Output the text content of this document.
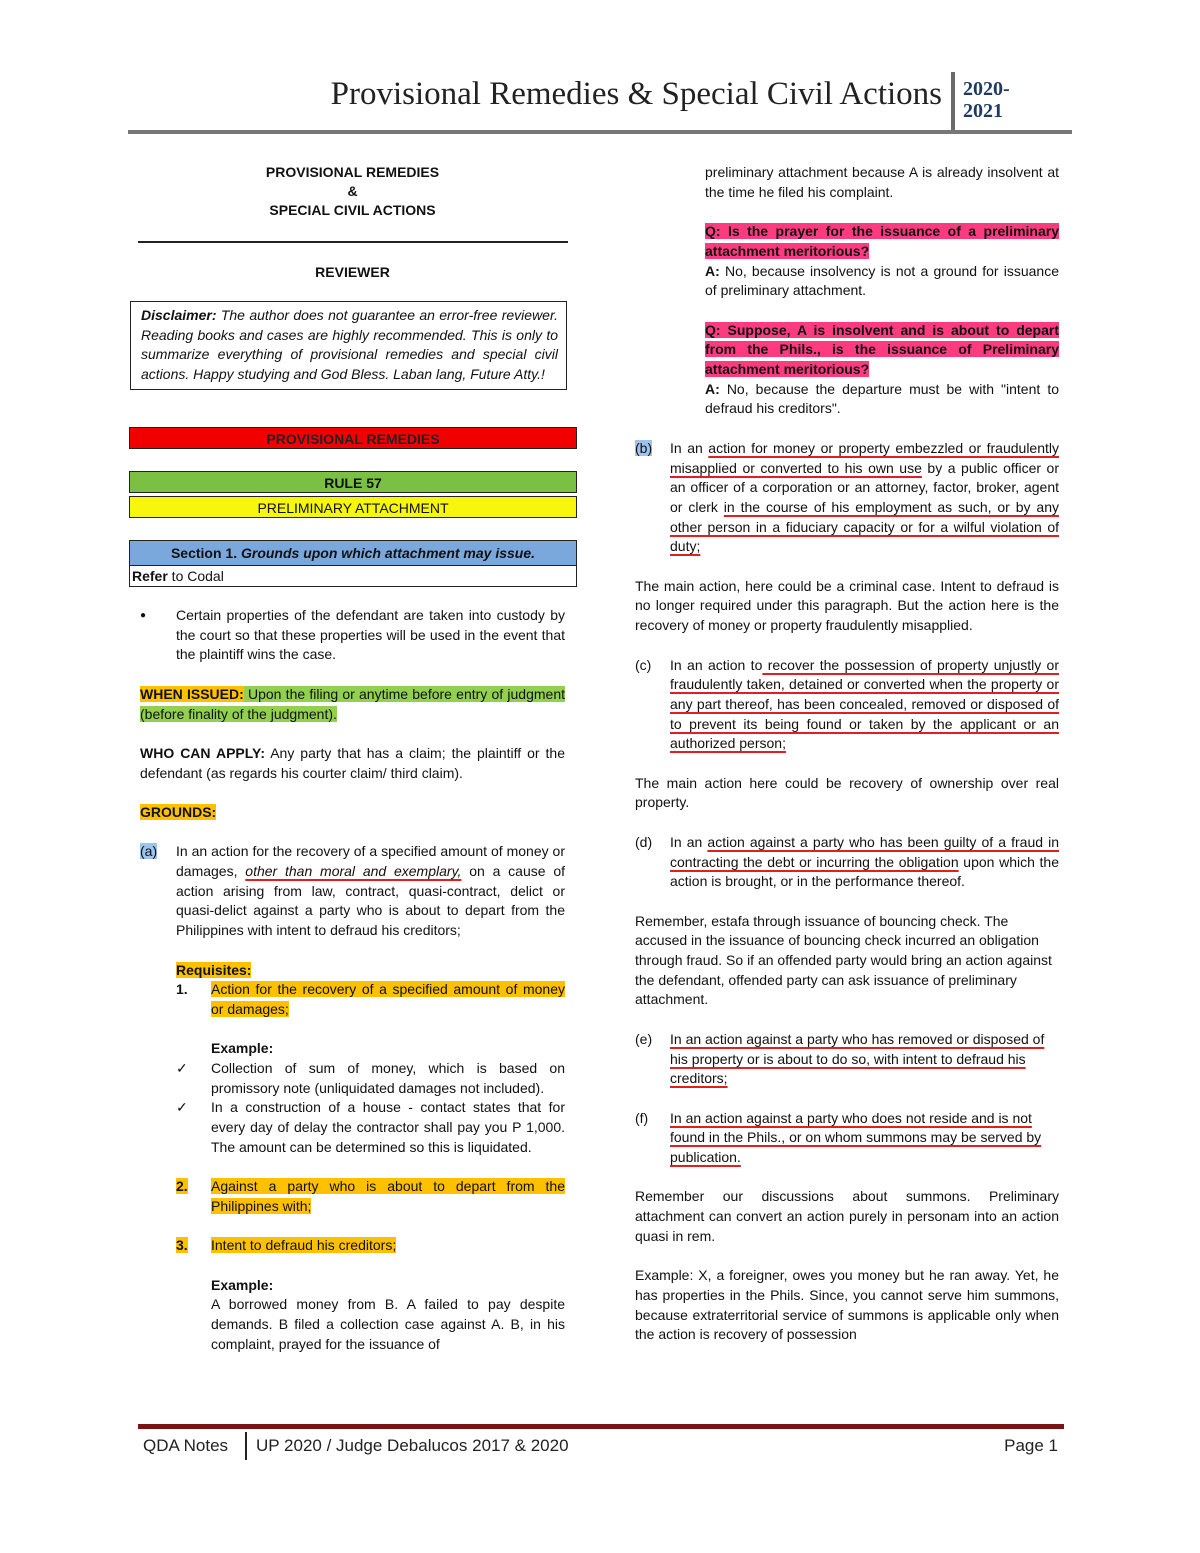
Provisional Remedies & Special Civil Actions 2020-
2021
PROVISIONAL REMEDIES
&
SPECIAL CIVIL ACTIONS
REVIEWER
Disclaimer: The author does not guarantee an error-free reviewer. Reading books and cases are highly recommended. This is only to summarize everything of provisional remedies and special civil actions. Happy studying and God Bless. Laban lang, Future Atty.!
PROVISIONAL REMEDIES
RULE 57
PRELIMINARY ATTACHMENT
Section 1. Grounds upon which attachment may issue.
Refer to Codal
●	Certain properties of the defendant are taken into custody by the court so that these properties will be used in the event that the plaintiff wins the case.

WHEN ISSUED: Upon the filing or anytime before entry of judgment (before finality of the judgment).

WHO CAN APPLY: Any party that has a claim; the plaintiff or the defendant (as regards his courter claim/ third claim).

GROUNDS:

(a)	In an action for the recovery of a specified amount of money or damages, other than moral and exemplary, on a cause of action arising from law, contract, quasi-contract, delict or quasi-delict against a party who is about to depart from the Philippines with intent to defraud his creditors;

Requisites:

1.	Action for the recovery of a specified amount of money or damages;
Example:
✓	Collection of sum of money, which is based on promissory note (unliquidated damages not included).
✓	In a construction of a house - contact states that for every day of delay the contractor shall pay you P 1,000. The amount can be determined so this is liquidated.
2.	Against a party who is about to depart from the Philippines with;
3.	Intent to defraud his creditors;
Example:

A borrowed money from B. A failed to pay despite demands. B filed a collection case against A. B, in his complaint, prayed for the issuance of

preliminary attachment because A is already insolvent at the time he filed his complaint.

Q: Is the prayer for the issuance of a preliminary attachment meritorious?

A: No, because insolvency is not a ground for issuance of preliminary attachment.

Q: Suppose, A is insolvent and is about to depart from the Phils., is the issuance of Preliminary attachment meritorious?

A: No, because the departure must be with "intent to defraud his creditors".

(b)	In an action for money or property embezzled or fraudulently misapplied or converted to his own use by a public officer or an officer of a corporation or an attorney, factor, broker, agent or clerk in the course of his employment as such, or by any other person in a fiduciary capacity or for a wilful violation of duty;

The main action, here could be a criminal case. Intent to defraud is no longer required under this paragraph. But the action here is the recovery of money or property fraudulently misapplied.

(c)	In an action to recover the possession of property unjustly or fraudulently taken, detained or converted when the property or any part thereof, has been concealed, removed or disposed of to prevent its being found or taken by the applicant or an authorized person;

The main action here could be recovery of ownership over real property.

(d)	In an action against a party who has been guilty of a fraud in contracting the debt or incurring the obligation upon which the action is brought, or in the performance thereof.

Remember, estafa through issuance of bouncing check. The accused in the issuance of bouncing check incurred an obligation through fraud. So if an offended party would bring an action against the defendant, offended party can ask issuance of preliminary attachment.

(e)	In an action against a party who has removed or disposed of his property or is about to do so, with intent to defraud his creditors;
(f)	In an action against a party who does not reside and is not found in the Phils., or on whom summons may be served by publication.

Remember our discussions about summons. Preliminary attachment can convert an action purely in personam into an action quasi in rem.

Example: X, a foreigner, owes you money but he ran away. Yet, he has properties in the Phils. Since, you cannot serve him summons, because extraterritorial service of summons is applicable only when the action is recovery of possession

QDA Notes UP 2020 / Judge Debalucos 2017 & 2020	Page 1
